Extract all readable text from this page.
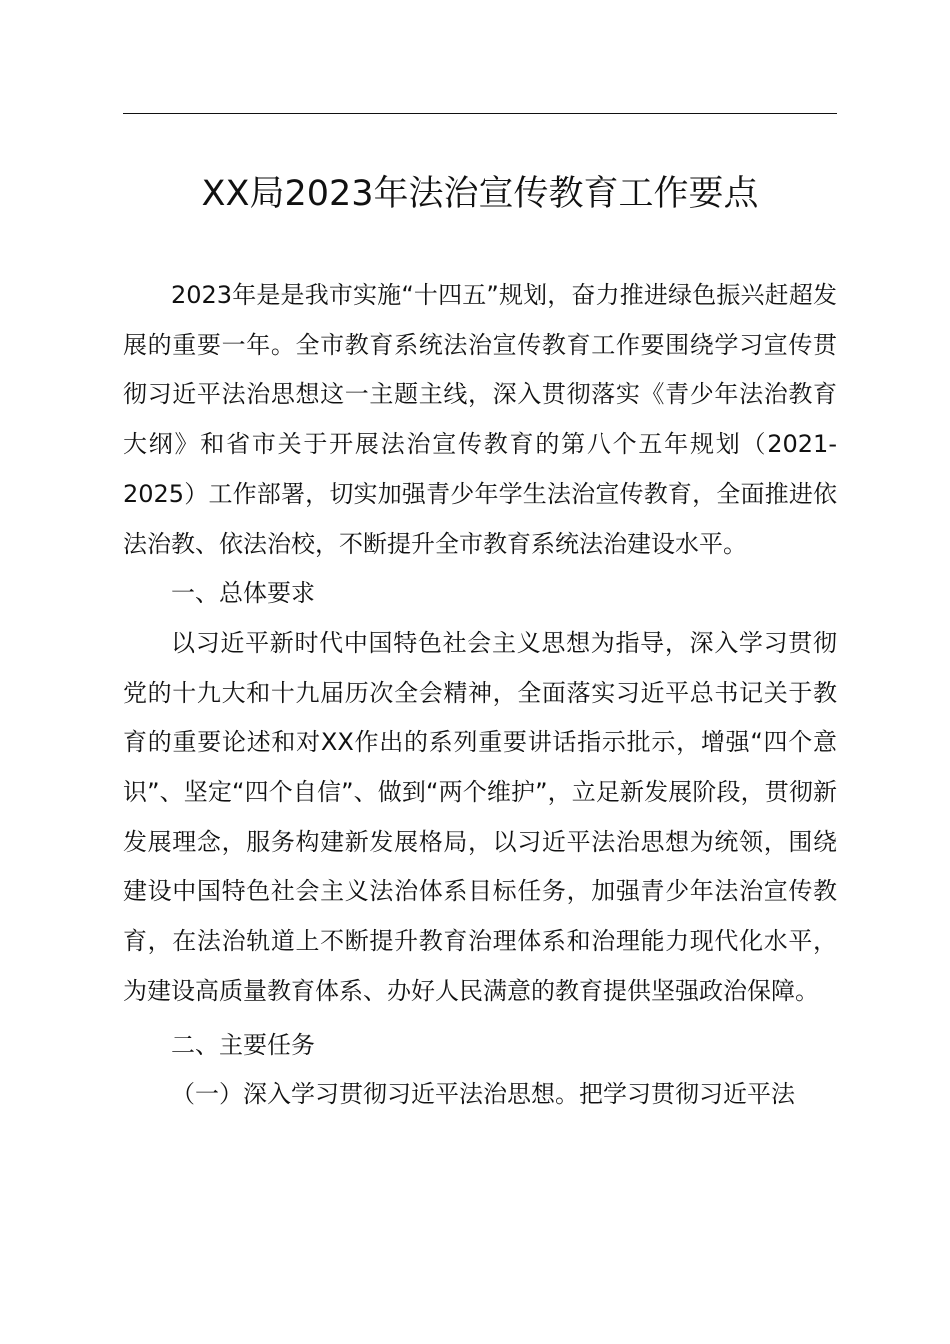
XX局2023年法治宣传教育工作要点

2023年是是我市实施“十四五”规划，奋力推进绿色振兴赶超发展的重要一年。全市教育系统法治宣传教育工作要围绕学习宣传贯彻习近平法治思想这一主题主线，深入贯彻落实《青少年法治教育大纲》和省市关于开展法治宣传教育的第八个五年规划（2021-2025）工作部署，切实加强青少年学生法治宣传教育，全面推进依法治教、依法治校，不断提升全市教育系统法治建设水平。

一、总体要求

以习近平新时代中国特色社会主义思想为指导，深入学习贯彻党的十九大和十九届历次全会精神，全面落实习近平总书记关于教育的重要论述和对XX作出的系列重要讲话指示批示，增强“四个意识”、坚定“四个自信”、做到“两个维护”，立足新发展阶段，贯彻新发展理念，服务构建新发展格局，以习近平法治思想为统领，围绕建设中国特色社会主义法治体系目标任务，加强青少年法治宣传教育，在法治轨道上不断提升教育治理体系和治理能力现代化水平，为建设高质量教育体系、办好人民满意的教育提供坚强政治保障。

二、主要任务

（一）深入学习贯彻习近平法治思想。把学习贯彻习近平法
